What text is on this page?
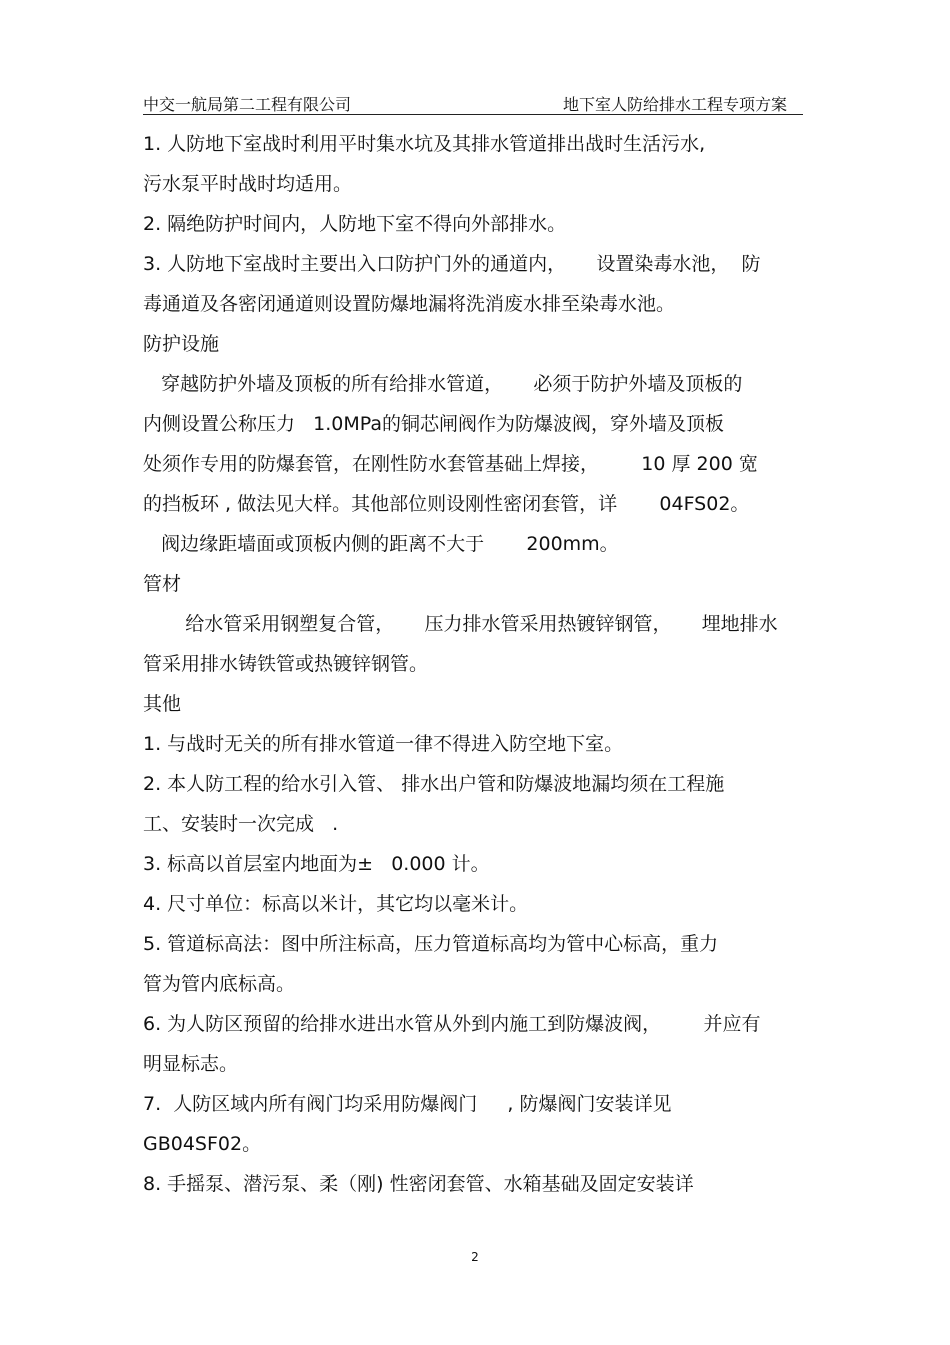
中交一航局第二工程有限公司	地下室人防给排水工程专项方案
1. 人防地下室战时利用平时集水坑及其排水管道排出战时生活污水,
污水泵平时战时均适用。
2. 隔绝防护时间内，人防地下室不得向外部排水。
3. 人防地下室战时主要出入口防护门外的通道内，     设置染毒水池，  防
毒通道及各密闭通道则设置防爆地漏将洗消废水排至染毒水池。
防护设施
穿越防护外墙及顶板的所有给排水管道，     必须于防护外墙及顶板的
内侧设置公称压力   1.0MPa的铜芯闸阀作为防爆波阀，穿外墙及顶板
处须作专用的防爆套管，在刚性防水套管基础上焊接，       10 厚 200 宽
的挡板环 , 做法见大样。其他部位则设刚性密闭套管，详       04FS02。
阀边缘距墙面或顶板内侧的距离不大于       200mm。
管材
给水管采用钢塑复合管，     压力排水管采用热镀锌钢管，     埋地排水
管采用排水铸铁管或热镀锌钢管。
其他
1. 与战时无关的所有排水管道一律不得进入防空地下室。
2. 本人防工程的给水引入管、 排水出户管和防爆波地漏均须在工程施
工、安装时一次完成   .
3. 标高以首层室内地面为±   0.000 计。
4. 尺寸单位：标高以米计，其它均以毫米计。
5. 管道标高法：图中所注标高，压力管道标高均为管中心标高，重力
管为管内底标高。
6. 为人防区预留的给排水进出水管从外到内施工到防爆波阀，       并应有
明显标志。
7.  人防区域内所有阀门均采用防爆阀门     , 防爆阀门安装详见
GB04SF02。
8. 手摇泵、潜污泵、柔（刚) 性密闭套管、水箱基础及固定安装详
2
